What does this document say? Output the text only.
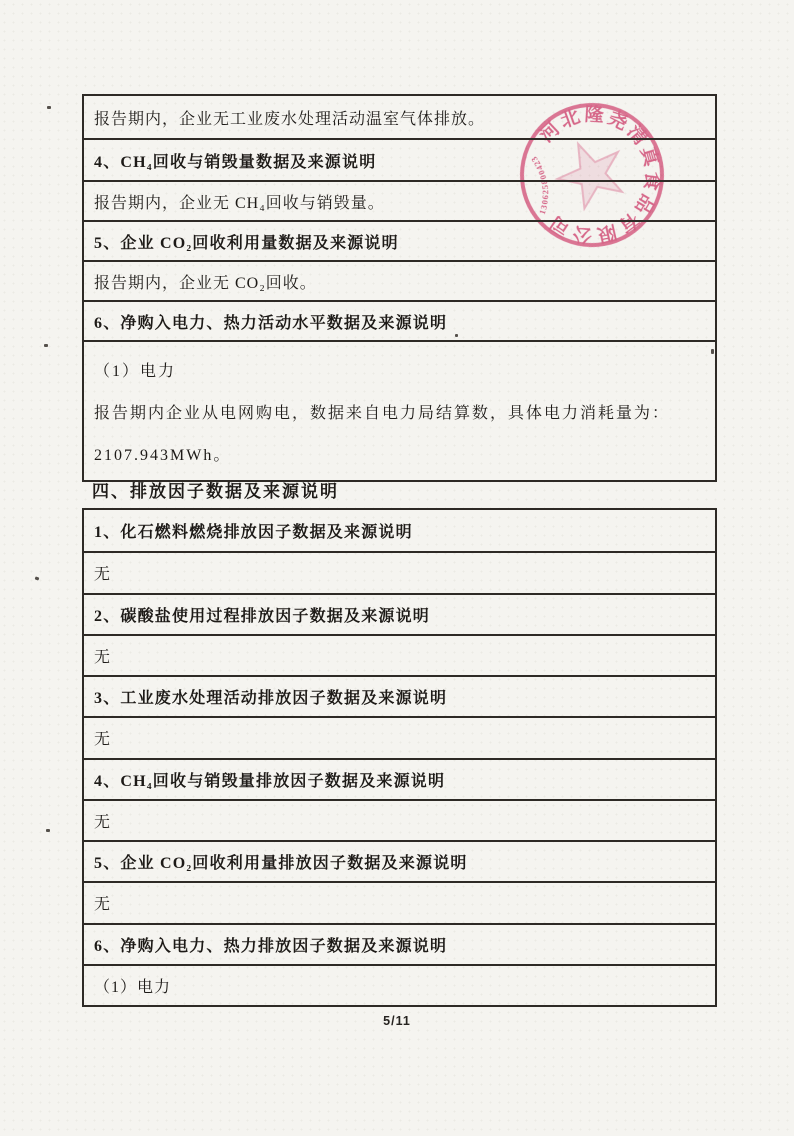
河北隆尧清真食品有限公司
130625800423
报告期内，企业无工业废水处理活动温室气体排放。
4、CH₄回收与销毁量数据及来源说明
报告期内，企业无 CH₄回收与销毁量。
5、企业 CO₂回收利用量数据及来源说明
报告期内，企业无 CO₂回收。
6、净购入电力、热力活动水平数据及来源说明
（1）电力
报告期内企业从电网购电，数据来自电力局结算数，具体电力消耗量为：
2107.943MWh。
四、排放因子数据及来源说明
1、化石燃料燃烧排放因子数据及来源说明
无
2、碳酸盐使用过程排放因子数据及来源说明
无
3、工业废水处理活动排放因子数据及来源说明
无
4、CH₄回收与销毁量排放因子数据及来源说明
无
5、企业 CO₂回收利用量排放因子数据及来源说明
无
6、净购入电力、热力排放因子数据及来源说明
（1）电力
5/11
